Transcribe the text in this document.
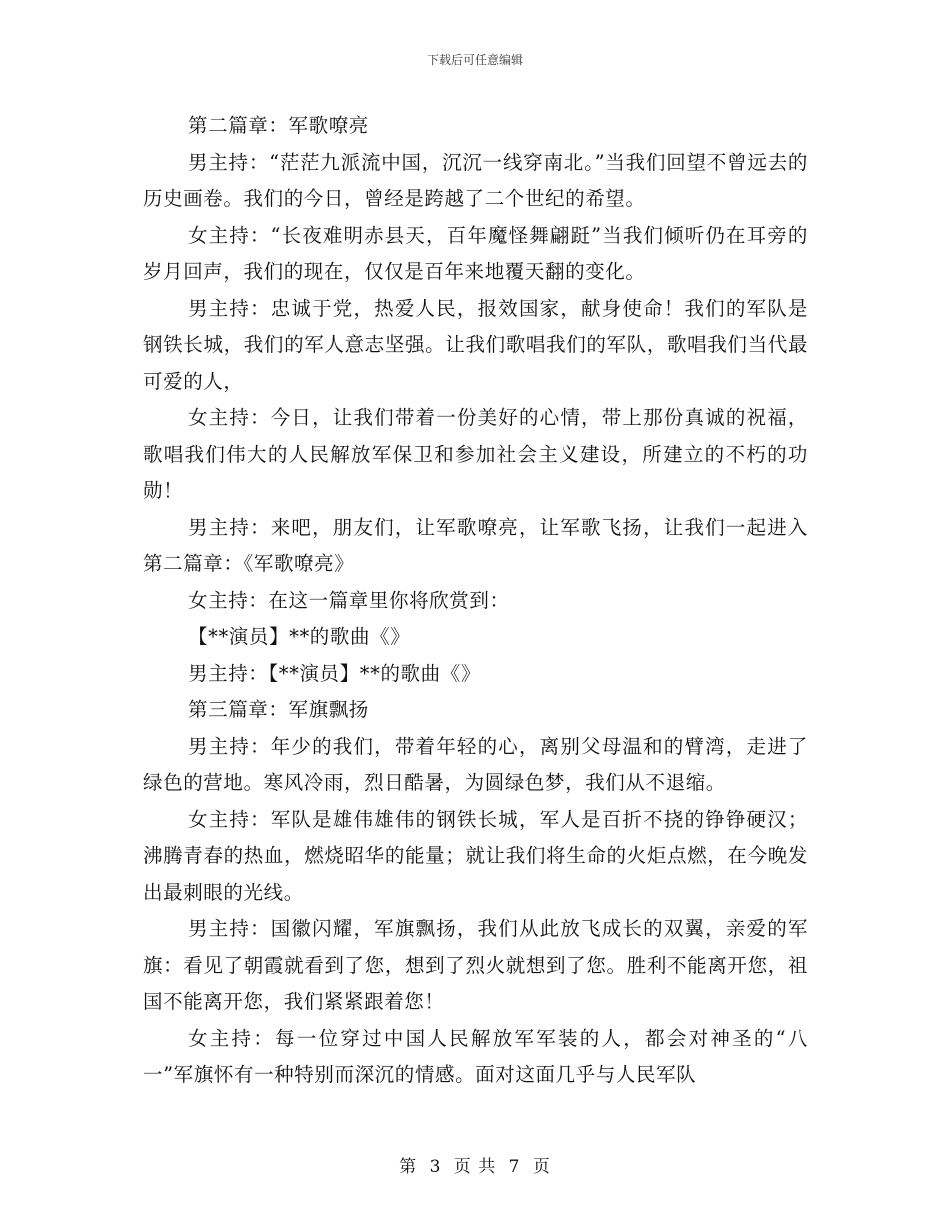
下载后可任意编辑

第二篇章：军歌嘹亮

男主持：“茫茫九派流中国，沉沉一线穿南北。”当我们回望不曾远去的历史画卷。我们的今日，曾经是跨越了二个世纪的希望。

女主持：“长夜难明赤县天，百年魔怪舞翩跹”当我们倾听仍在耳旁的岁月回声，我们的现在，仅仅是百年来地覆天翻的变化。

男主持：忠诚于党，热爱人民，报效国家，献身使命！我们的军队是钢铁长城，我们的军人意志坚强。让我们歌唱我们的军队，歌唱我们当代最可爱的人，

女主持：今日，让我们带着一份美好的心情，带上那份真诚的祝福，歌唱我们伟大的人民解放军保卫和参加社会主义建设，所建立的不朽的功勋！

男主持：来吧，朋友们，让军歌嘹亮，让军歌飞扬，让我们一起进入第二篇章：《军歌嘹亮》

女主持：在这一篇章里你将欣赏到：

【**演员】**的歌曲《》

男主持：【**演员】**的歌曲《》

第三篇章：军旗飘扬

男主持：年少的我们，带着年轻的心，离别父母温和的臂湾，走进了绿色的营地。寒风冷雨，烈日酷暑，为圆绿色梦，我们从不退缩。

女主持：军队是雄伟雄伟的钢铁长城，军人是百折不挠的铮铮硬汉；沸腾青春的热血，燃烧昭华的能量；就让我们将生命的火炬点燃，在今晚发出最刺眼的光线。

男主持：国徽闪耀，军旗飘扬，我们从此放飞成长的双翼，亲爱的军旗：看见了朝霞就看到了您，想到了烈火就想到了您。胜利不能离开您，祖国不能离开您，我们紧紧跟着您！

女主持：每一位穿过中国人民解放军军装的人，都会对神圣的“八一”军旗怀有一种特别而深沉的情感。面对这面几乎与人民军队

第 3 页 共 7 页
